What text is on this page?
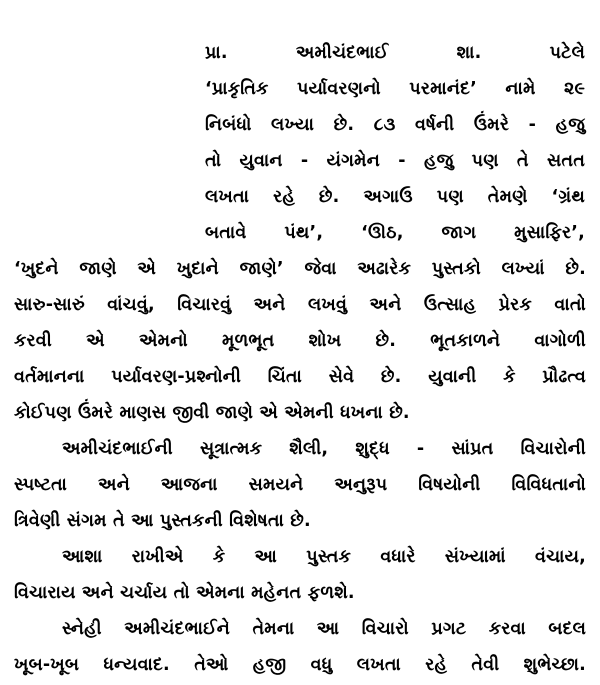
પ્રા. અમીચંદભાઈ શા. પટેલે
‘પ્રાકૃતિક પર્યાવરણનો પરમાનંદ’ નામે ૨૯
નિબંધો લખ્યા છે. ૮૩ વર્ષની ઉંમરે - હજુ
તો યુવાન - યંગમેન - હજુ પણ તે સતત
લખતા રહે છે. અગાઉ પણ તેમણે ‘ગ્રંથ
બતાવે પંથ’, ‘ઊઠ, જાગ મુસાફિર’,
‘ખુદને જાણે એ ખુદાને જાણે’ જેવા અઢારેક પુસ્તકો લખ્યાં છે.
સારુ-સારું વાંચવું, વિચારવું અને લખવું અને ઉત્સાહ પ્રેરક વાતો
કરવી એ એમનો મૂળભૂત શોખ છે. ભૂતકાળને વાગોળી
વર્તમાનના પર્યાવરણ-પ્રશ્નોની ચિંતા સેવે છે. યુવાની કે પ્રૌઢત્વ
કોઈપણ ઉંમરે માણસ જીવી જાણે એ એમની ધખના છે.
અમીચંદભાઈની સૂત્રાત્મક શૈલી, શુદ્ધ - સાંપ્રત વિચારોની
સ્પષ્ટતા અને આજના સમયને અનુરૂપ વિષયોની વિવિધતાનો
ત્રિવેણી સંગમ તે આ પુસ્તકની વિશેષતા છે.
આશા રાખીએ કે આ પુસ્તક વધારે સંખ્યામાં વંચાય,
વિચારાય અને ચર્ચાય તો એમના મહેનત ફળશે.
સ્નેહી અમીચંદભાઈને તેમના આ વિચારો પ્રગટ કરવા બદલ
ખૂબ-ખૂબ ધન્યવાદ. તેઓ હજી વધુ લખતા રહે તેવી શુભેચ્છા.
